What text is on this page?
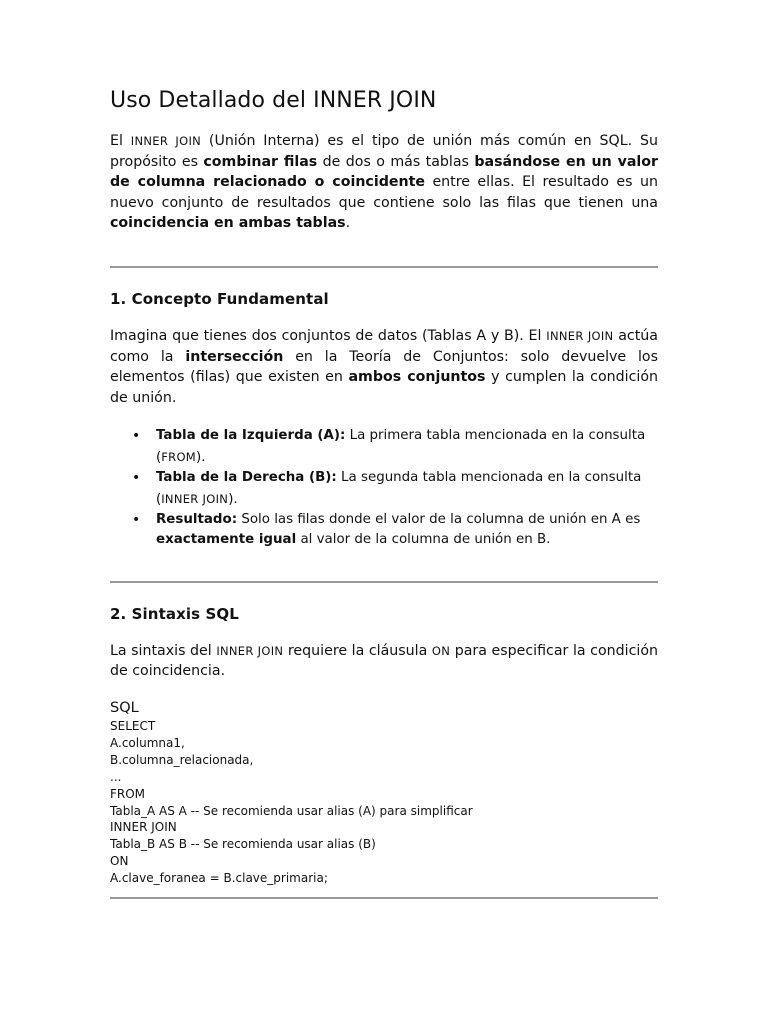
Uso Detallado del INNER JOIN

El INNER JOIN (Unión Interna) es el tipo de unión más común en SQL. Su propósito es combinar filas de dos o más tablas basándose en un valor de columna relacionado o coincidente entre ellas. El resultado es un nuevo conjunto de resultados que contiene solo las filas que tienen una coincidencia en ambas tablas.

1. Concepto Fundamental

Imagina que tienes dos conjuntos de datos (Tablas A y B). El INNER JOIN actúa como la intersección en la Teoría de Conjuntos: solo devuelve los elementos (filas) que existen en ambos conjuntos y cumplen la condición de unión.

• Tabla de la Izquierda (A): La primera tabla mencionada en la consulta (FROM).
• Tabla de la Derecha (B): La segunda tabla mencionada en la consulta (INNER JOIN).
• Resultado: Solo las filas donde el valor de la columna de unión en A es exactamente igual al valor de la columna de unión en B.
2. Sintaxis SQL

La sintaxis del INNER JOIN requiere la cláusula ON para especificar la condición de coincidencia.

SQL
SELECT
A.columna1,
B.columna_relacionada,
...
FROM
Tabla_A AS A -- Se recomienda usar alias (A) para simplificar
INNER JOIN
Tabla_B AS B -- Se recomienda usar alias (B)
ON
A.clave_foranea = B.clave_primaria;
